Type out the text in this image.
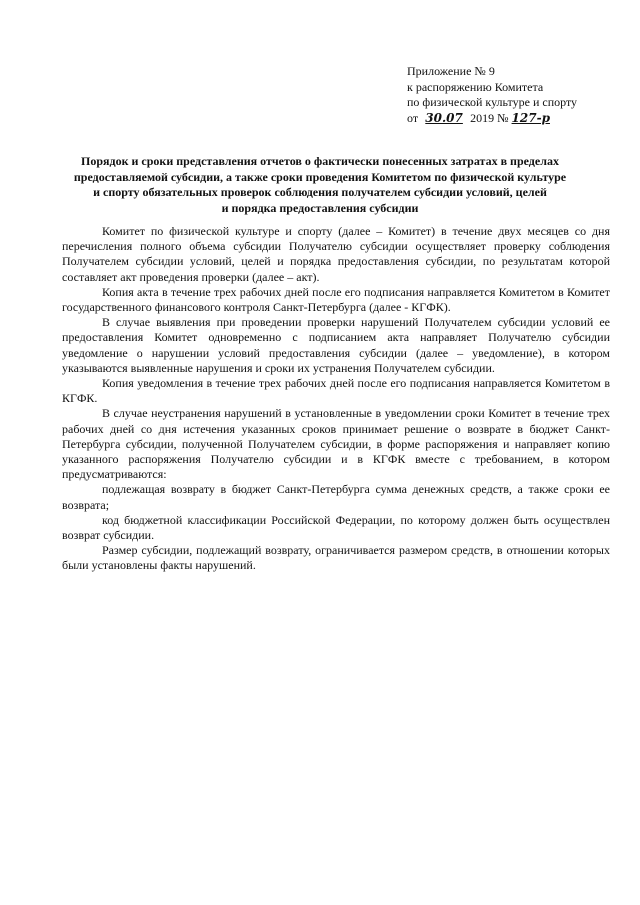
Приложение № 9
к распоряжению Комитета
по физической культуре и спорту
от 30.07 2019 № 127-р
Порядок и сроки представления отчетов о фактически понесенных затратах в пределах
предоставляемой субсидии, а также сроки проведения Комитетом по физической культуре
и спорту обязательных проверок соблюдения получателем субсидии условий, целей
и порядка предоставления субсидии

Комитет по физической культуре и спорту (далее – Комитет) в течение двух месяцев со дня перечисления полного объема субсидии Получателю субсидии осуществляет проверку соблюдения Получателем субсидии условий, целей и порядка предоставления субсидии, по результатам которой составляет акт проведения проверки (далее – акт).

Копия акта в течение трех рабочих дней после его подписания направляется Комитетом в Комитет государственного финансового контроля Санкт-Петербурга (далее - КГФК).

В случае выявления при проведении проверки нарушений Получателем субсидии условий ее предоставления Комитет одновременно с подписанием акта направляет Получателю субсидии уведомление о нарушении условий предоставления субсидии (далее – уведомление), в котором указываются выявленные нарушения и сроки их устранения Получателем субсидии.

Копия уведомления в течение трех рабочих дней после его подписания направляется Комитетом в КГФК.

В случае неустранения нарушений в установленные в уведомлении сроки Комитет в течение трех рабочих дней со дня истечения указанных сроков принимает решение о возврате в бюджет Санкт-Петербурга субсидии, полученной Получателем субсидии, в форме распоряжения и направляет копию указанного распоряжения Получателю субсидии и в КГФК вместе с требованием, в котором предусматриваются:

подлежащая возврату в бюджет Санкт-Петербурга сумма денежных средств, а также сроки ее возврата;

код бюджетной классификации Российской Федерации, по которому должен быть осуществлен возврат субсидии.

Размер субсидии, подлежащий возврату, ограничивается размером средств, в отношении которых были установлены факты нарушений.
